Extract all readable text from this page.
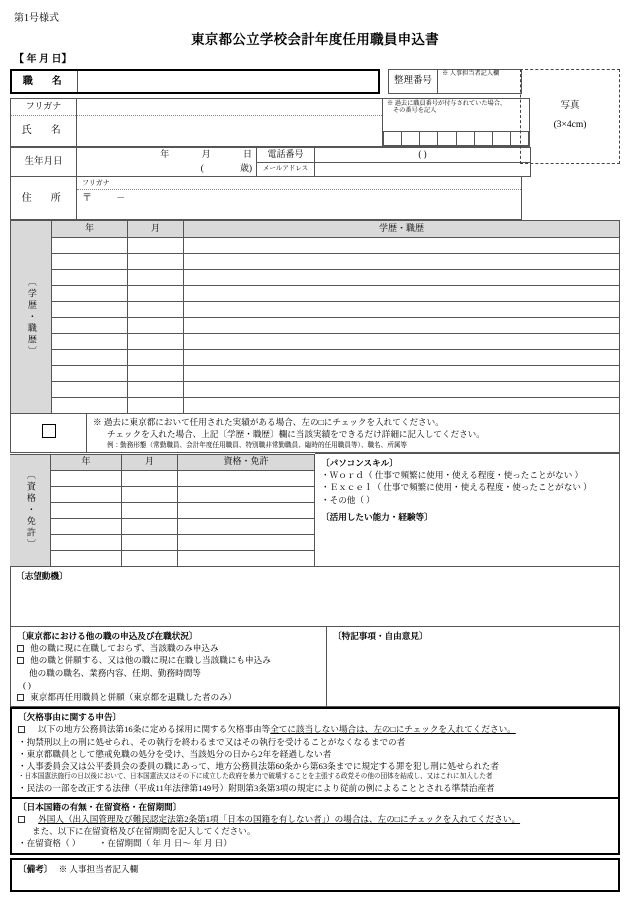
第1号様式
東京都公立学校会計年度任用職員申込書
【 年 月 日】
写真
(3×4cm)
職　名	
			整理番号	※ 人事担当者記入欄

フリガナ		※ 過去に職員番号が付与されていた場合、
その番号を記入

氏　名		

生年月日	年 月 日	電話番号	( )
	( 歳)	メールアドレス	
住　所	フリガナ
〒	－
〔学歴・職歴〕	年	月	学歴・職歴

※ 過去に東京都において任用された実績がある場合、左の□にチェックを入れてください。
チェックを入れた場合、上記〔学歴・職歴〕欄に当該実績をできるだけ詳細に記入してください。
例：勤務形態（常勤職員、会計年度任用職員、特別職非常勤職員、臨時的任用職員等）、職名、所属等
〔資格・免許〕
	年	月	資格・免許

		〔パソコンスキル〕
・Ｗｏｒｄ（ 仕事で頻繁に使用・使える程度・使ったことがない ）
・Ｅｘｃｅｌ（ 仕事で頻繁に使用・使える程度・使ったことがない ）
・その他（ ）
〔活用したい能力・経験等〕
〔志望動機〕
〔東京都における他の職の申込及び在職状況〕
他の職に現に在職しておらず、当該職のみ申込み
他の職と併願する、又は他の職に現に在職し当該職にも申込み
他の職の職名、業務内容、任期、勤務時間等
( )
東京都再任用職員と併願（東京都を退職した者のみ）

〔特記事項・自由意見〕
〔欠格事由に関する申告〕
以下の地方公務員法第16条に定める採用に関する欠格事由等全てに該当しない場合は、左の□にチェックを入れてください。
・拘禁刑以上の刑に処せられ、その執行を終わるまで又はその執行を受けることがなくなるまでの者
・東京都職員として懲戒免職の処分を受け、当該処分の日から2年を経過しない者
・人事委員会又は公平委員会の委員の職にあって、地方公務員法第60条から第63条までに規定する罪を犯し刑に処せられた者
・日本国憲法施行の日以後において、日本国憲法又はその下に成立した政府を暴力で破壊することを主張する政党その他の団体を結成し、又はこれに加入した者
・民法の一部を改正する法律（平成11年法律第149号）附則第3条第3項の規定により従前の例によることとされる準禁治産者
〔日本国籍の有無・在留資格・在留期間〕
外国人（出入国管理及び難民認定法第2条第1項「日本の国籍を有しない者」）の場合は、左の□にチェックを入れてください。
また、以下に在留資格及び在留期間を記入してください。
・在留資格（ ） ・在留期間（ 年 月 日～ 年 月 日）
〔備考〕 ※ 人事担当者記入欄
